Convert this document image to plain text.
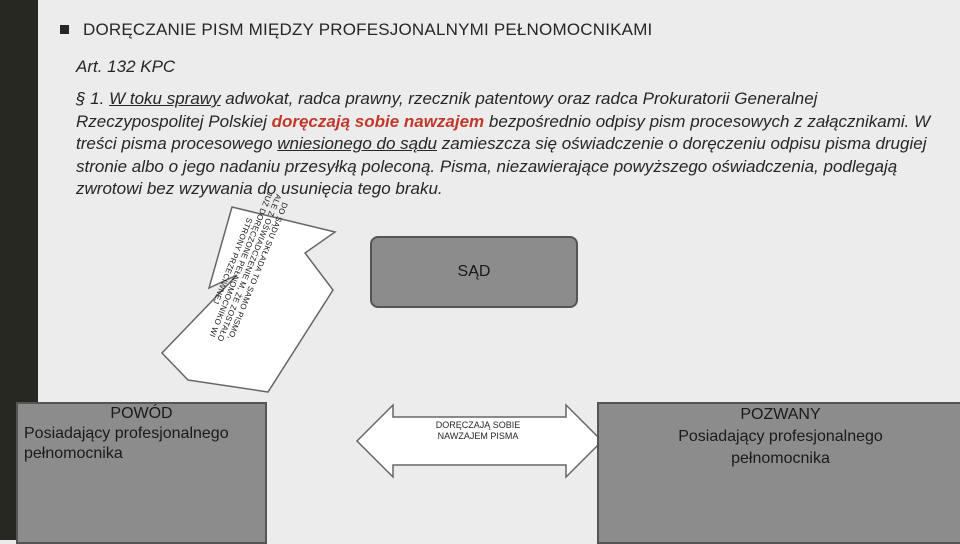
DORĘCZANIE PISM MIĘDZY PROFESJONALNYMI PEŁNOMOCNIKAMI
Art. 132 KPC
§ 1. W toku sprawy adwokat, radca prawny, rzecznik patentowy oraz radca Prokuratorii Generalnej Rzeczypospolitej Polskiej doręczają sobie nawzajem bezpośrednio odpisy pism procesowych z załącznikami. W treści pisma procesowego wniesionego do sądu zamieszcza się oświadczenie o doręczeniu odpisu pisma drugiej stronie albo o jego nadaniu przesyłką poleconą. Pisma, niezawierające powyższego oświadczenia, podlegają zwrotowi bez wzywania do usunięcia tego braku.
DO SĄDU SKŁADA TO SAMO PISMO, ALE Z OŚWIADCZENIE M, ŻE ZOSTAŁO JUŻ DORĘCZONE PEŁNOMOCNIKO WI STRONY PRZECIWNEJ	SĄD
POWÓD
Posiadający profesjonalnego
pełnomocnika
POZWANY
Posiadający profesjonalnego
pełnomocnika
DORĘCZAJĄ SOBIE NAWZAJEM PISMA
